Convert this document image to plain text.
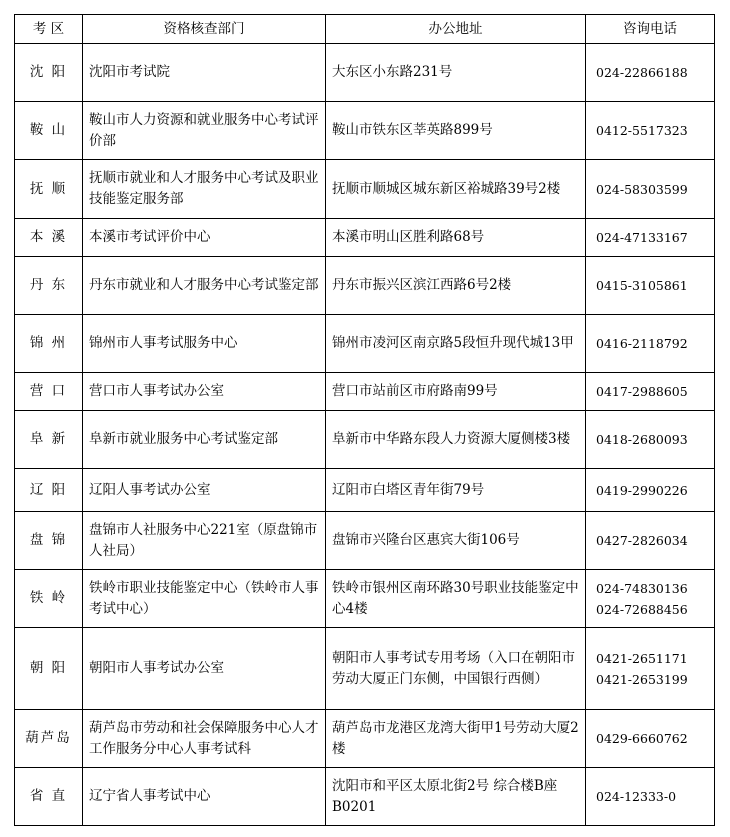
考 区	资格核查部门	办公地址	咨询电话
沈 阳	沈阳市考试院	大东区小东路231号	024-22866188

鞍 山	鞍山市人力资源和就业服务中心考试评价部	鞍山市铁东区莘英路899号	0412-5517323

抚 顺	抚顺市就业和人才服务中心考试及职业技能鉴定服务部	抚顺市顺城区城东新区裕城路39号2楼	024-58303599

本 溪	本溪市考试评价中心	本溪市明山区胜利路68号	024-47133167

丹 东	丹东市就业和人才服务中心考试鉴定部	丹东市振兴区滨江西路6号2楼	0415-3105861

锦 州	锦州市人事考试服务中心	锦州市凌河区南京路5段恒升现代城13甲	0416-2118792

营 口	营口市人事考试办公室	营口市站前区市府路南99号	0417-2988605

阜 新	阜新市就业服务中心考试鉴定部	阜新市中华路东段人力资源大厦侧楼3楼	0418-2680093

辽 阳	辽阳人事考试办公室	辽阳市白塔区青年街79号	0419-2990226

盘 锦	盘锦市人社服务中心221室（原盘锦市人社局）	盘锦市兴隆台区惠宾大街106号	0427-2826034

铁 岭	铁岭市职业技能鉴定中心（铁岭市人事考试中心）	铁岭市银州区南环路30号职业技能鉴定中心4楼	024-74830136
024-72688456

朝 阳	朝阳市人事考试办公室	朝阳市人事考试专用考场（入口在朝阳市劳动大厦正门东侧，中国银行西侧）	0421-2651171
0421-2653199

葫芦岛	葫芦岛市劳动和社会保障服务中心人才工作服务分中心人事考试科	葫芦岛市龙港区龙湾大街甲1号劳动大厦2楼	0429-6660762

省 直	辽宁省人事考试中心	沈阳市和平区太原北街2号 综合楼B座B0201	024-12333-0
